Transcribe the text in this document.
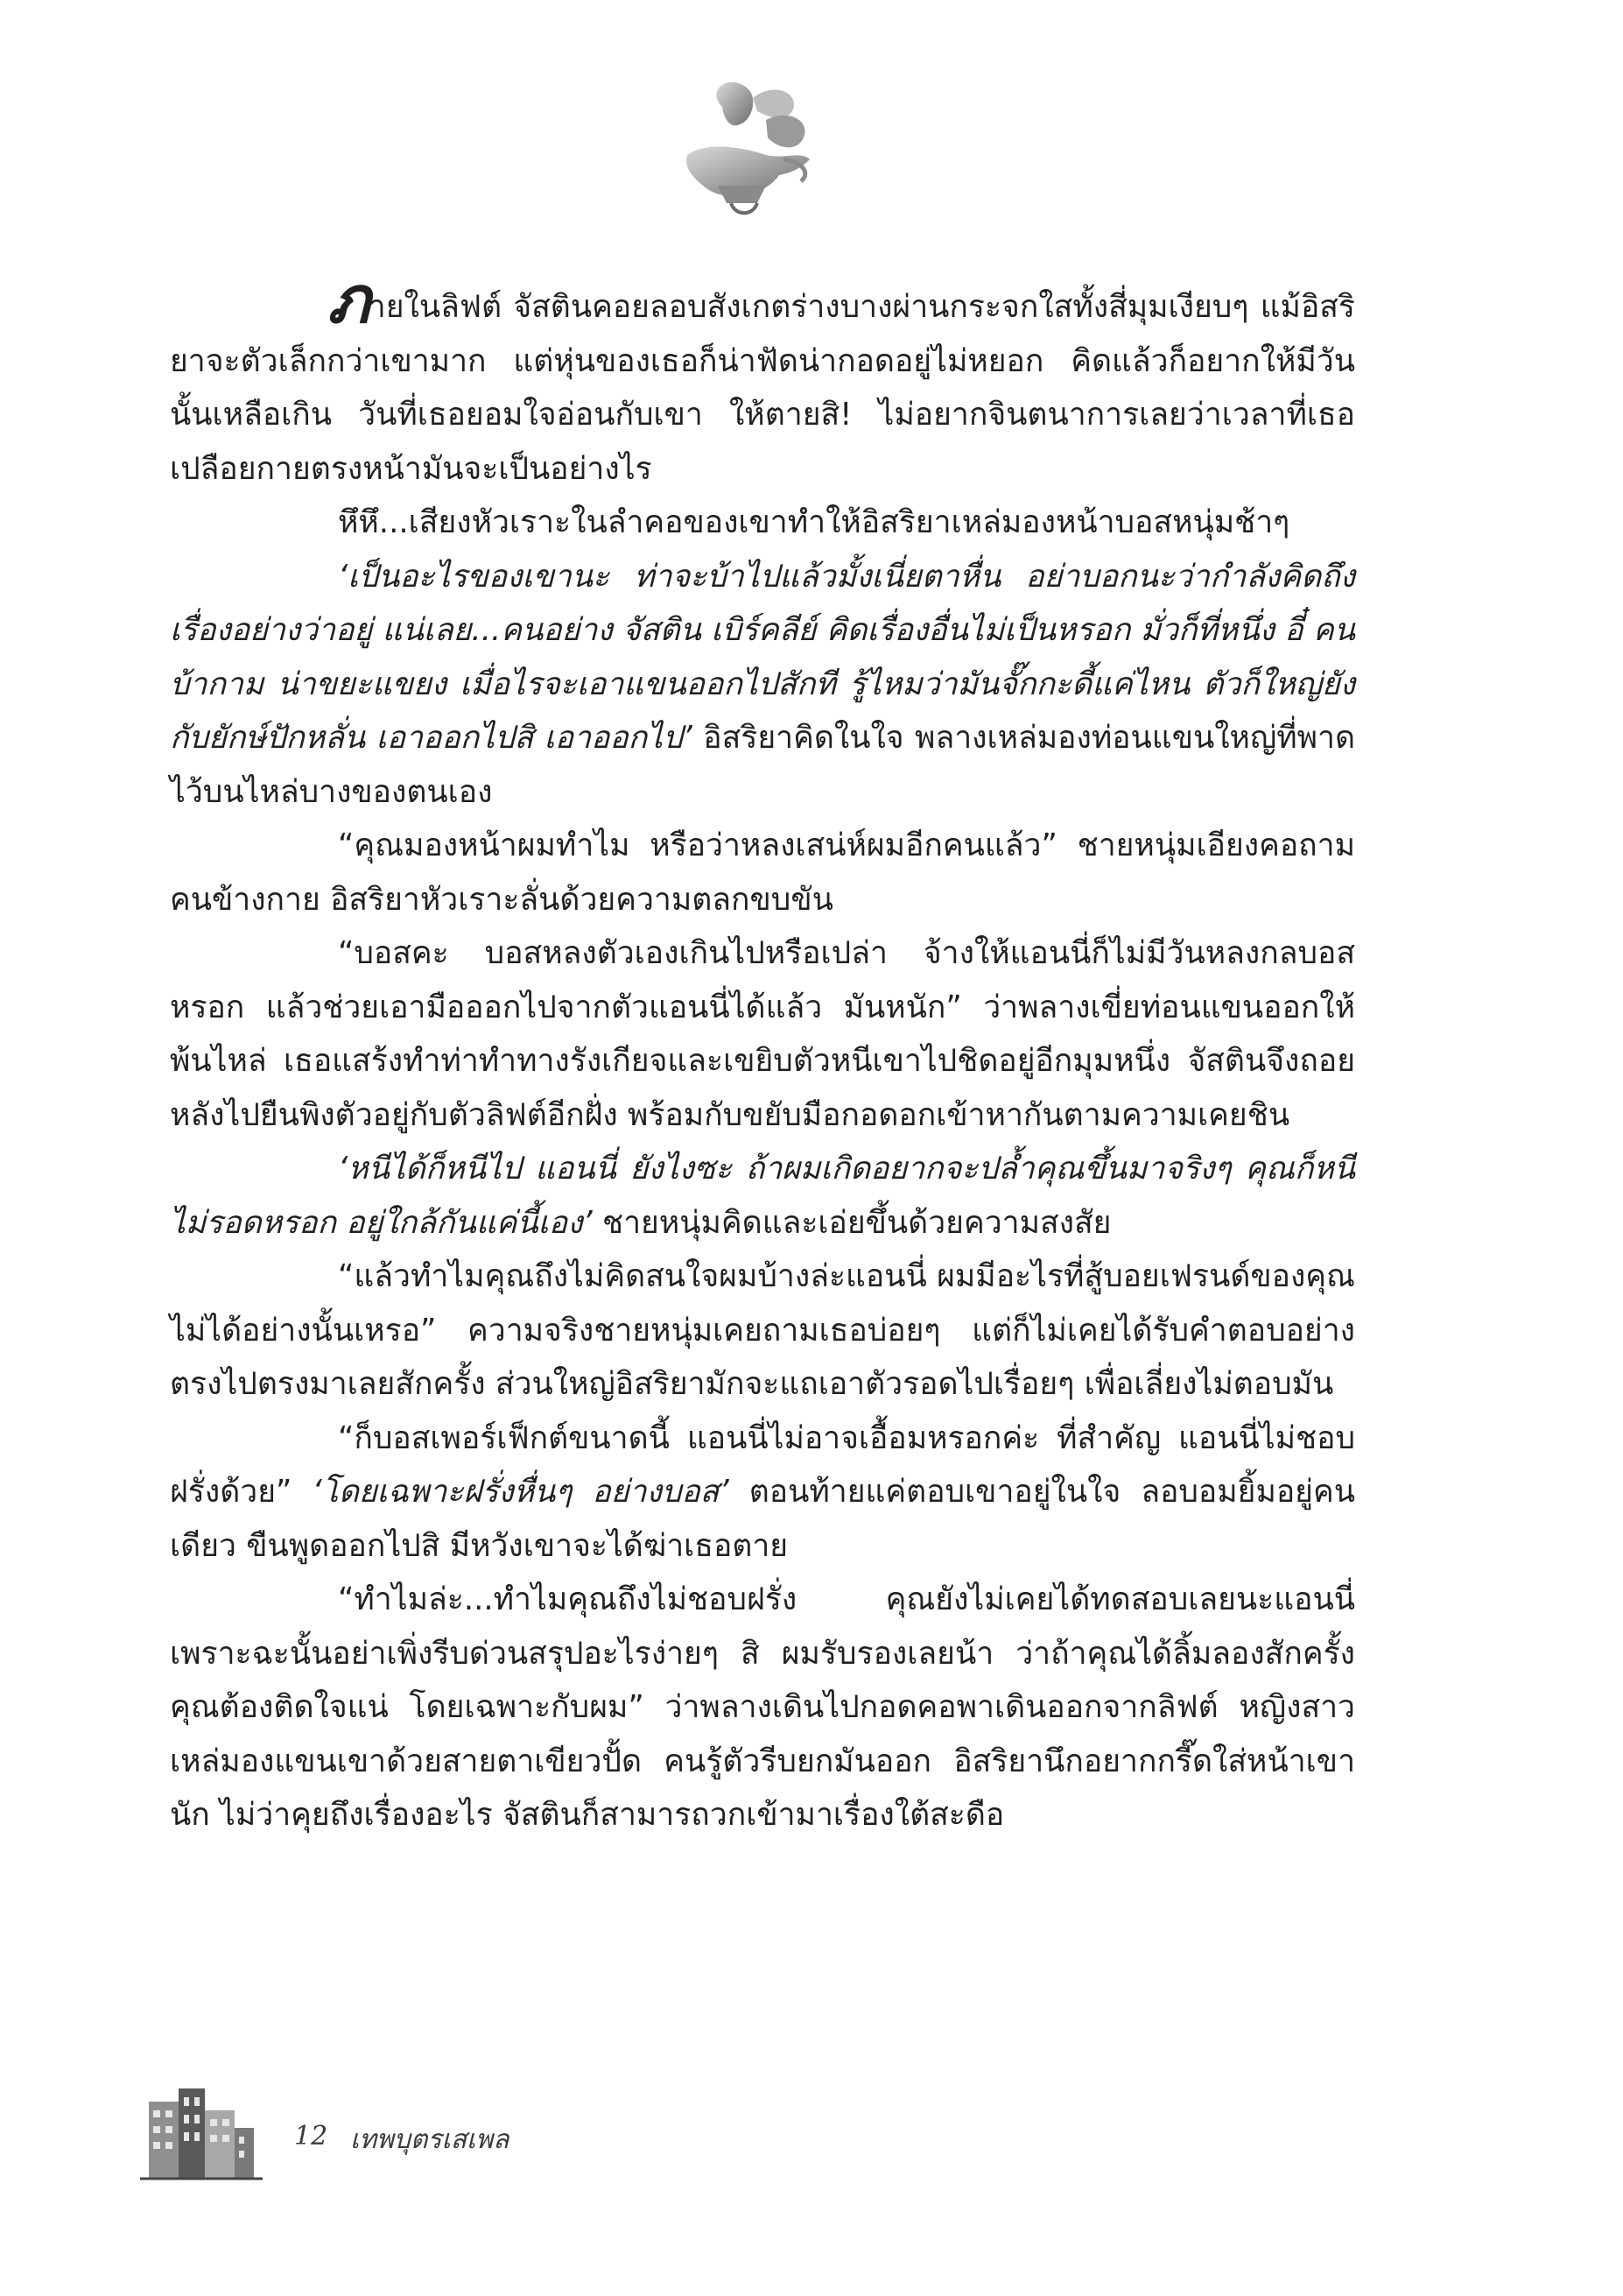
ภายในลิฟต์ จัสตินคอยลอบสังเกตร่างบางผ่านกระจกใสทั้งสี่มุมเงียบๆ แม้อิสริยาจะตัวเล็กกว่าเขามาก แต่หุ่นของเธอก็น่าฟัดน่ากอดอยู่ไม่หยอก คิดแล้วก็อยากให้มีวันนั้นเหลือเกิน วันที่เธอยอมใจอ่อนกับเขา ให้ตายสิ! ไม่อยากจินตนาการเลยว่าเวลาที่เธอเปลือยกายตรงหน้ามันจะเป็นอย่างไร

หึหึ...เสียงหัวเราะในลำคอของเขาทำให้อิสริยาเหล่มองหน้าบอสหนุ่มช้าๆ

‘เป็นอะไรของเขานะ ท่าจะบ้าไปแล้วมั้งเนี่ยตาหื่น อย่าบอกนะว่ากำลังคิดถึงเรื่องอย่างว่าอยู่ แน่เลย...คนอย่าง จัสติน เบิร์คลีย์ คิดเรื่องอื่นไม่เป็นหรอก มั่วก็ที่หนึ่ง อี๋ คนบ้ากาม น่าขยะแขยง เมื่อไรจะเอาแขนออกไปสักที รู้ไหมว่ามันจั๊กกะดี้แค่ไหน ตัวก็ใหญ่ยังกับยักษ์ปักหลั่น เอาออกไปสิ เอาออกไป’ อิสริยาคิดในใจ พลางเหล่มองท่อนแขนใหญ่ที่พาดไว้บนไหล่บางของตนเอง

“คุณมองหน้าผมทำไม หรือว่าหลงเสน่ห์ผมอีกคนแล้ว” ชายหนุ่มเอียงคอถามคนข้างกาย อิสริยาหัวเราะลั่นด้วยความตลกขบขัน

“บอสคะ บอสหลงตัวเองเกินไปหรือเปล่า จ้างให้แอนนี่ก็ไม่มีวันหลงกลบอสหรอก แล้วช่วยเอามือออกไปจากตัวแอนนี่ได้แล้ว มันหนัก” ว่าพลางเขี่ยท่อนแขนออกให้พ้นไหล่ เธอแสร้งทำท่าทำทางรังเกียจและเขยิบตัวหนีเขาไปชิดอยู่อีกมุมหนึ่ง จัสตินจึงถอยหลังไปยืนพิงตัวอยู่กับตัวลิฟต์อีกฝั่ง พร้อมกับขยับมือกอดอกเข้าหากันตามความเคยชิน

‘หนีได้ก็หนีไป แอนนี่ ยังไงซะ ถ้าผมเกิดอยากจะปล้ำคุณขึ้นมาจริงๆ คุณก็หนีไม่รอดหรอก อยู่ใกล้กันแค่นี้เอง’ ชายหนุ่มคิดและเอ่ยขึ้นด้วยความสงสัย

“แล้วทำไมคุณถึงไม่คิดสนใจผมบ้างล่ะแอนนี่ ผมมีอะไรที่สู้บอยเฟรนด์ของคุณไม่ได้อย่างนั้นเหรอ” ความจริงชายหนุ่มเคยถามเธอบ่อยๆ แต่ก็ไม่เคยได้รับคำตอบอย่างตรงไปตรงมาเลยสักครั้ง ส่วนใหญ่อิสริยามักจะแถเอาตัวรอดไปเรื่อยๆ เพื่อเลี่ยงไม่ตอบมัน

“ก็บอสเพอร์เฟ็กต์ขนาดนี้ แอนนี่ไม่อาจเอื้อมหรอกค่ะ ที่สำคัญ แอนนี่ไม่ชอบฝรั่งด้วย” ‘โดยเฉพาะฝรั่งหื่นๆ อย่างบอส’ ตอนท้ายแค่ตอบเขาอยู่ในใจ ลอบอมยิ้มอยู่คนเดียว ขืนพูดออกไปสิ มีหวังเขาจะได้ฆ่าเธอตาย

“ทำไมล่ะ...ทำไมคุณถึงไม่ชอบฝรั่ง คุณยังไม่เคยได้ทดสอบเลยนะแอนนี่ เพราะฉะนั้นอย่าเพิ่งรีบด่วนสรุปอะไรง่ายๆ สิ ผมรับรองเลยน้า ว่าถ้าคุณได้ลิ้มลองสักครั้ง คุณต้องติดใจแน่ โดยเฉพาะกับผม” ว่าพลางเดินไปกอดคอพาเดินออกจากลิฟต์ หญิงสาวเหล่มองแขนเขาด้วยสายตาเขียวปั้ด คนรู้ตัวรีบยกมันออก อิสริยานึกอยากกรี๊ดใส่หน้าเขานัก ไม่ว่าคุยถึงเรื่องอะไร จัสตินก็สามารถวกเข้ามาเรื่องใต้สะดือ

12 เทพบุตรเสเพล
